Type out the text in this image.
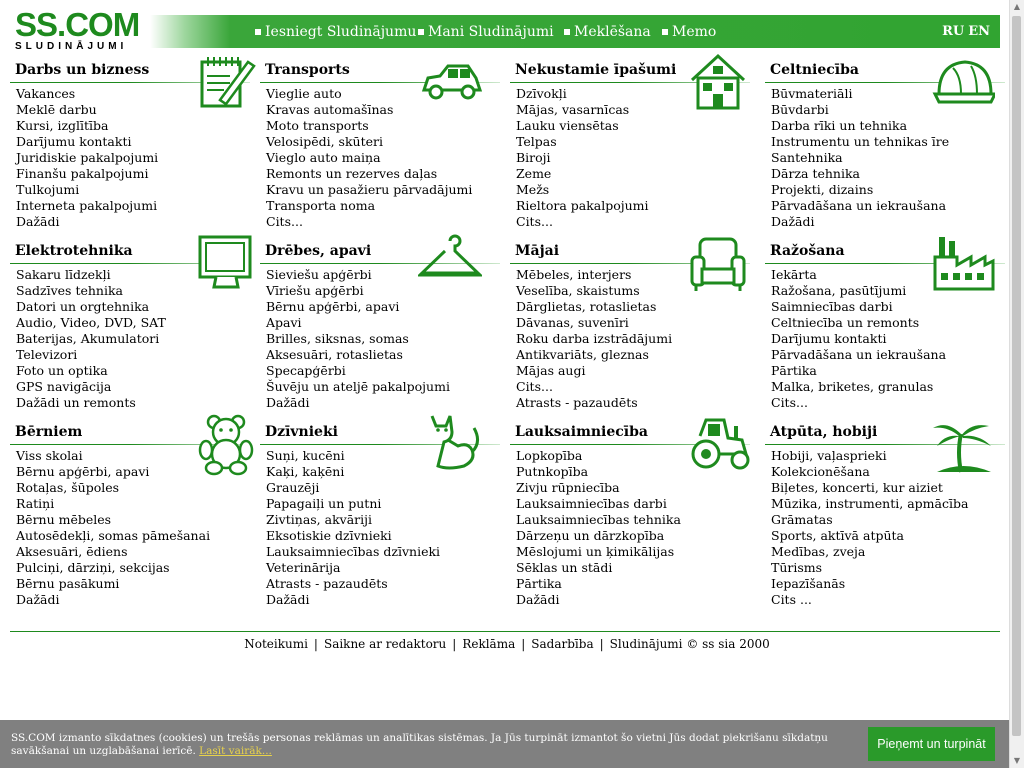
SS.COM
SLUDINĀJUMI
Iesniegt Sludinājumu Mani Sludinājumi Meklēšana Memo	RU EN
Darbs un bizness
Vakances
Meklē darbu
Kursi, izglītība
Darījumu kontakti
Juridiskie pakalpojumi
Finanšu pakalpojumi
Tulkojumi
Interneta pakalpojumi
Dažādi
Transports
Vieglie auto
Kravas automašīnas
Moto transports
Velosipēdi, skūteri
Vieglo auto maiņa
Remonts un rezerves daļas
Kravu un pasažieru pārvadājumi
Transporta noma
Cits...
Nekustamie īpašumi
Dzīvokļi
Mājas, vasarnīcas
Lauku viensētas
Telpas
Biroji
Zeme
Mežs
Rieltora pakalpojumi
Cits...
Celtniecība
Būvmateriāli
Būvdarbi
Darba rīki un tehnika
Instrumentu un tehnikas īre
Santehnika
Dārza tehnika
Projekti, dizains
Pārvadāšana un iekraušana
Dažādi
Elektrotehnika
Sakaru līdzekļi
Sadzīves tehnika
Datori un orgtehnika
Audio, Video, DVD, SAT
Baterijas, Akumulatori
Televizori
Foto un optika
GPS navigācija
Dažādi un remonts
Drēbes, apavi
Sieviešu apģērbi
Vīriešu apģērbi
Bērnu apģērbi, apavi
Apavi
Brilles, siksnas, somas
Aksesuāri, rotaslietas
Specapģērbi
Šuvēju un ateljē pakalpojumi
Dažādi
Mājai
Mēbeles, interjers
Veselība, skaistums
Dārglietas, rotaslietas
Dāvanas, suvenīri
Roku darba izstrādājumi
Antikvariāts, gleznas
Mājas augi
Cits...
Atrasts - pazaudēts
Ražošana
Iekārta
Ražošana, pasūtījumi
Saimniecības darbi
Celtniecība un remonts
Darījumu kontakti
Pārvadāšana un iekraušana
Pārtika
Malka, briketes, granulas
Cits...
Bērniem
Viss skolai
Bērnu apģērbi, apavi
Rotaļas, šūpoles
Ratiņi
Bērnu mēbeles
Autosēdekļi, somas pāmešanai
Aksesuāri, ēdiens
Pulciņi, dārziņi, sekcijas
Bērnu pasākumi
Dažādi
Dzīvnieki
Suņi, kucēni
Kaķi, kaķēni
Grauzēji
Papagaiļi un putni
Zivtiņas, akvāriji
Eksotiskie dzīvnieki
Lauksaimniecības dzīvnieki
Veterinārija
Atrasts - pazaudēts
Dažādi
Lauksaimniecība
Lopkopība
Putnkopība
Zivju rūpniecība
Lauksaimniecības darbi
Lauksaimniecības tehnika
Dārzeņu un dārzkopība
Mēslojumi un ķimikālijas
Sēklas un stādi
Pārtika
Dažādi
Atpūta, hobiji
Hobiji, vaļasprieki
Kolekcionēšana
Biļetes, koncerti, kur aiziet
Mūzika, instrumenti, apmācība
Grāmatas
Sports, aktīvā atpūta
Medības, zveja
Tūrisms
Iepazīšanās
Cits ...
Noteikumi | Saikne ar redaktoru | Reklāma | Sadarbība | Sludinājumi © ss sia 2000
SS.COM izmanto sīkdatnes (cookies) un trešās personas reklāmas un analītikas sistēmas. Ja Jūs turpināt izmantot šo vietni Jūs dodat piekrišanu sīkdatņu savākšanai un uzglabāšanai ierīcē. Lasīt vairāk...	Pieņemt un turpināt
▲
▼
